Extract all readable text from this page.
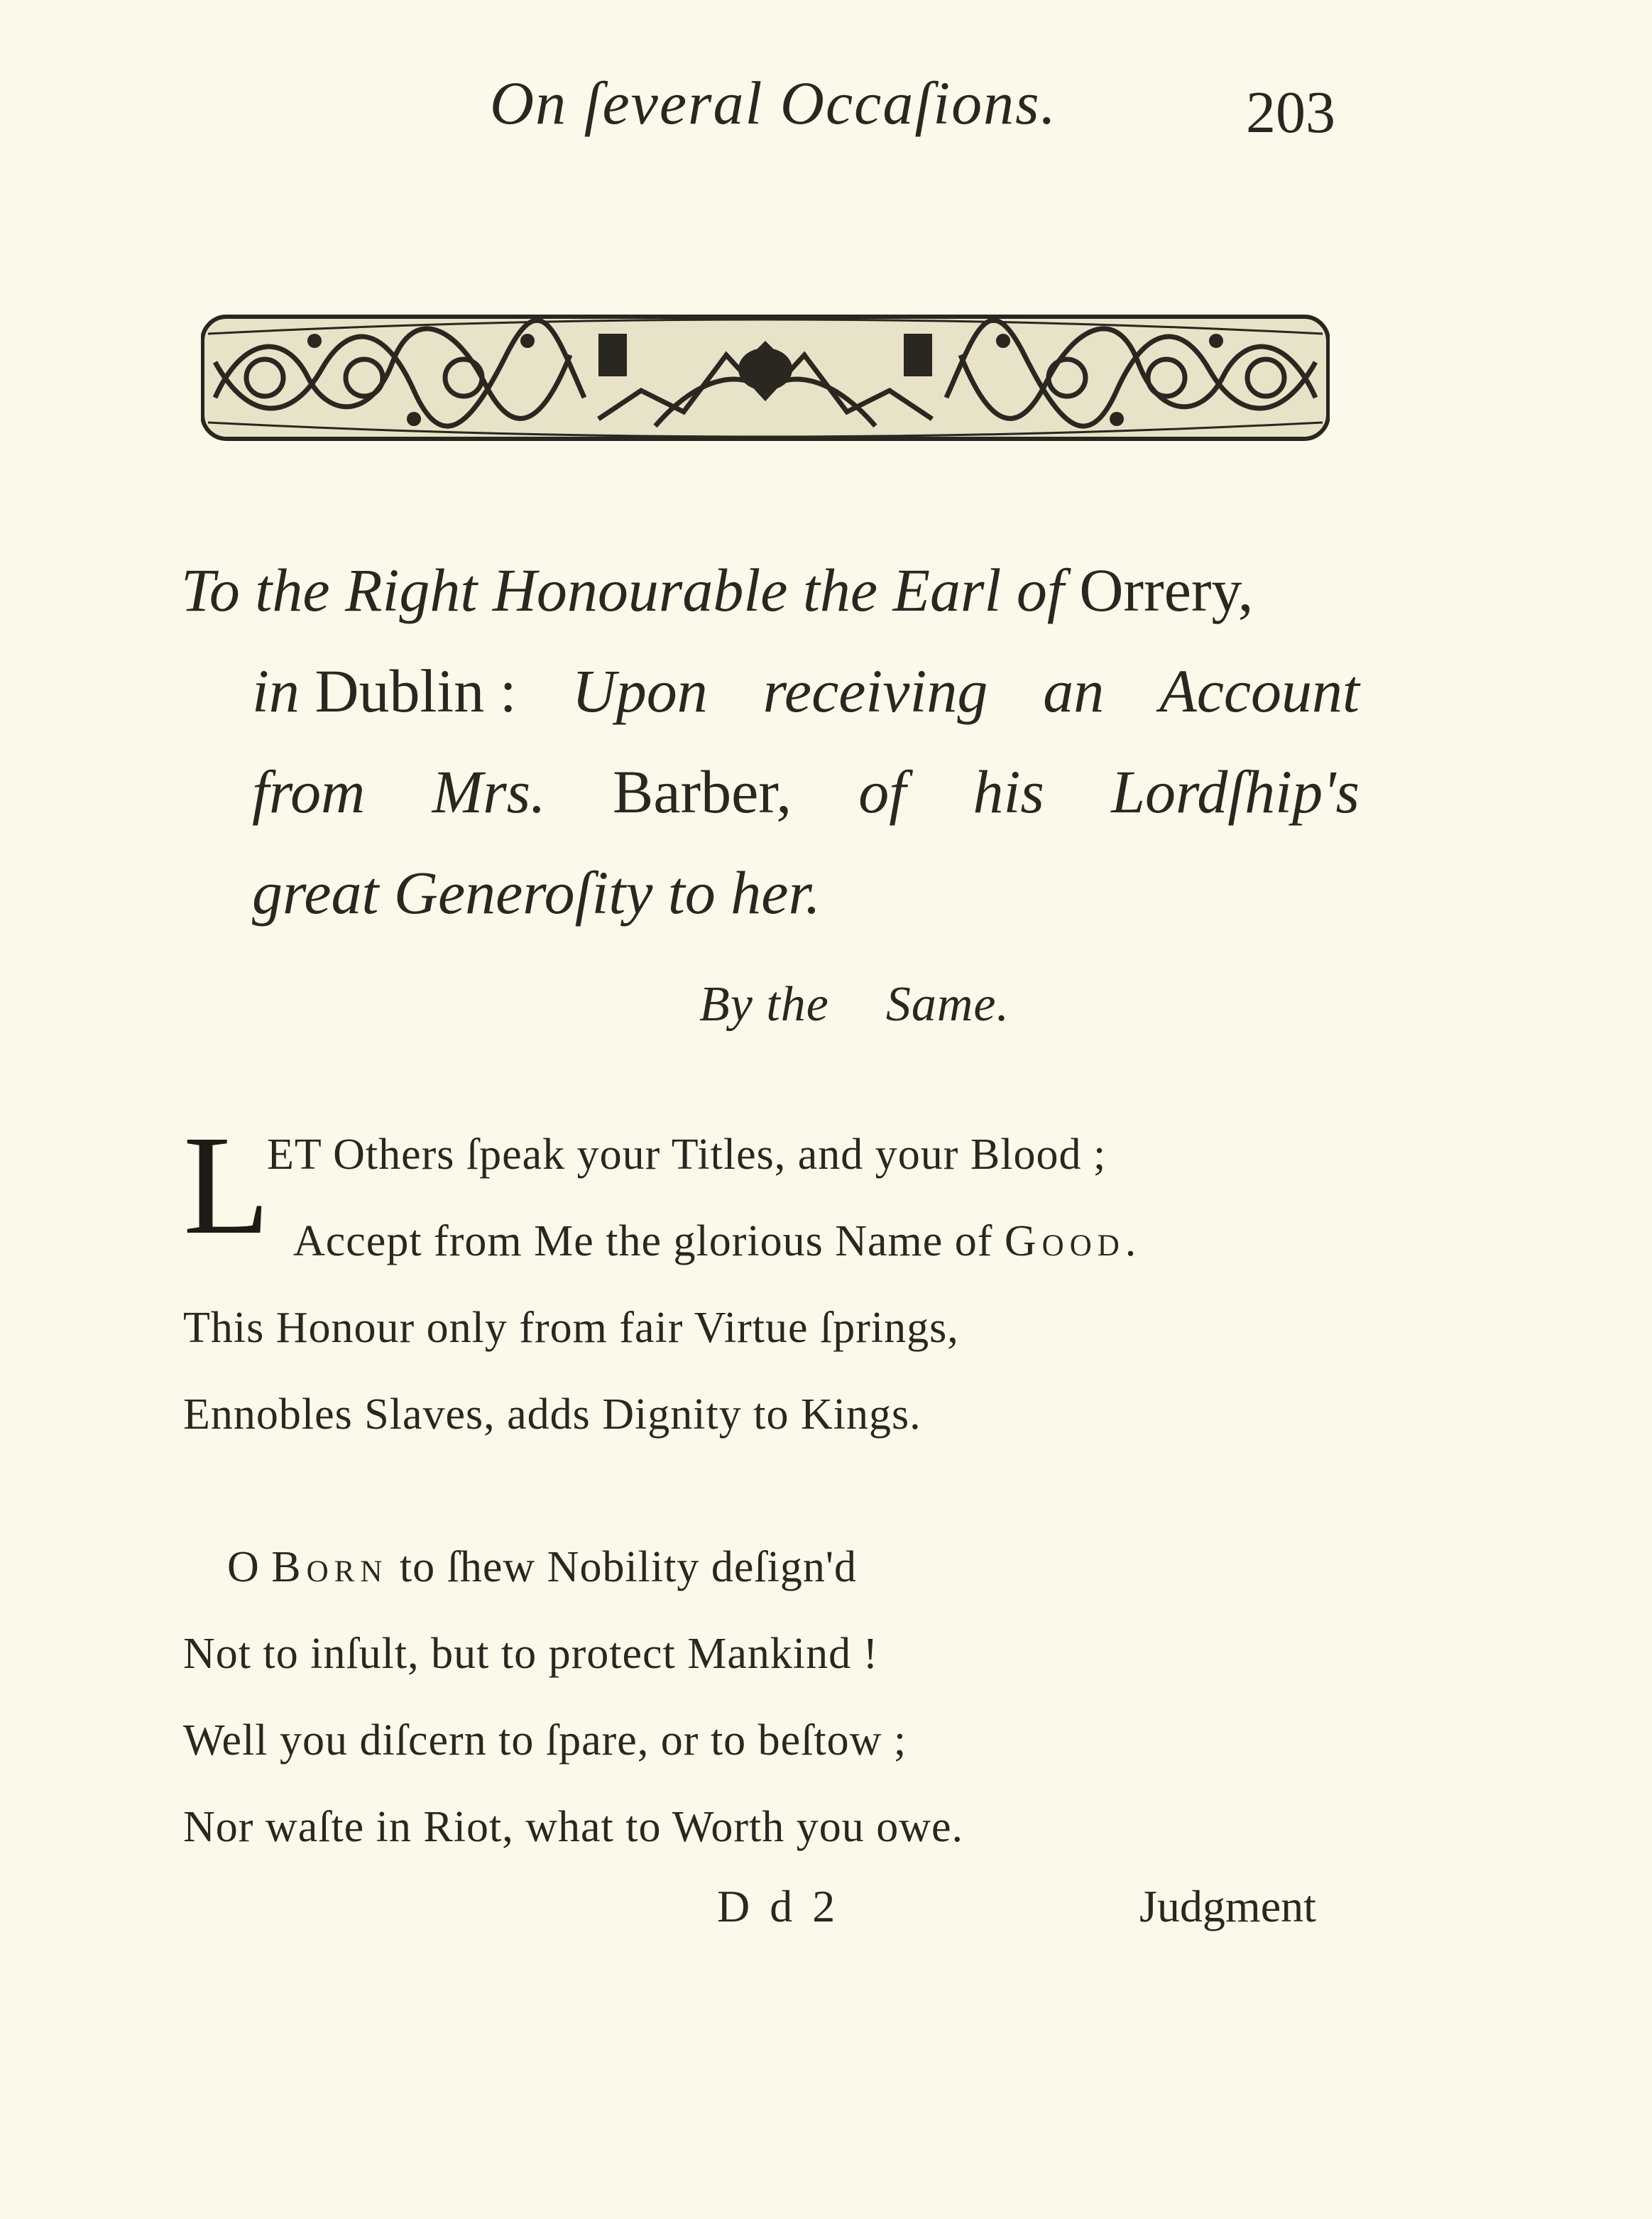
On ſeveral Occaſions.	203
To the Right Honourable the Earl of Orrery,
in Dublin : Upon receiving an Account
from Mrs. Barber, of his Lordſhip's
great Generoſity to her.
By the Same.
L
ET Others ſpeak your Titles, and your Blood ;
Accept from Me the glorious Name of Good.
This Honour only from fair Virtue ſprings,
Ennobles Slaves, adds Dignity to Kings.
O Born to ſhew Nobility deſign'd
Not to inſult, but to protect Mankind !
Well you diſcern to ſpare, or to beſtow ;
Nor waſte in Riot, what to Worth you owe.
D d 2	Judgment
